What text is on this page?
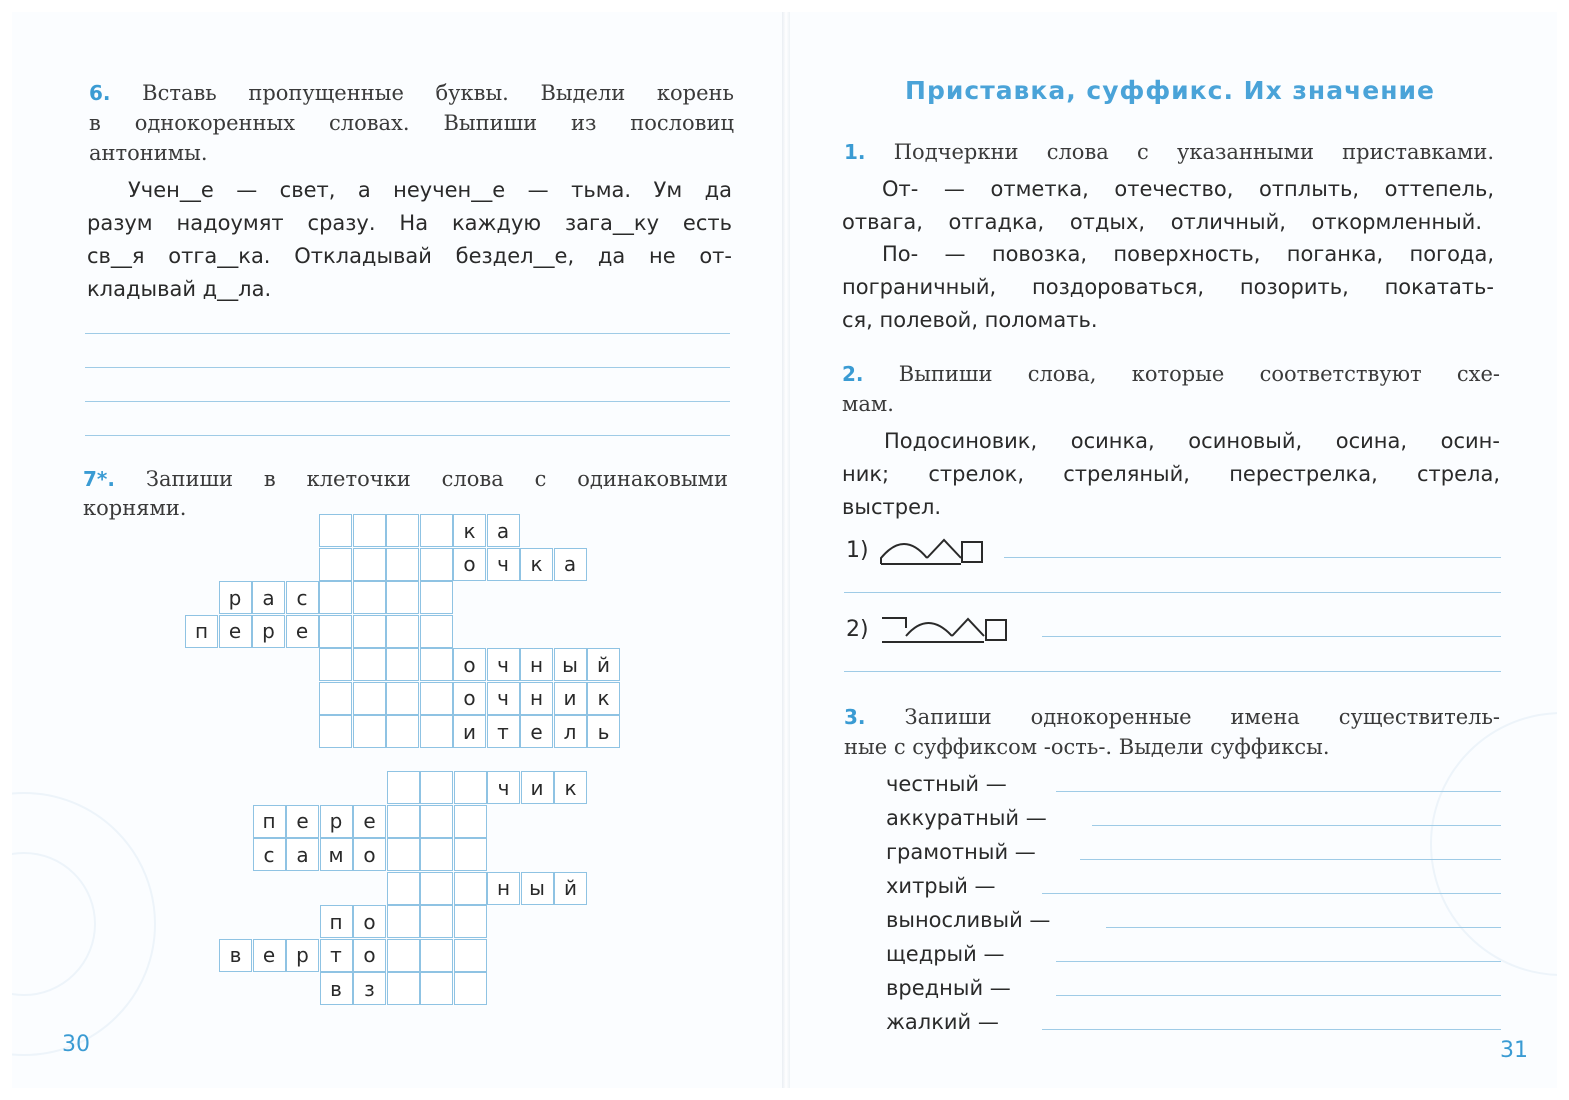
6. Вставь пропущенные буквы. Выдели корень

в однокоренных словах. Выпиши из пословиц

антонимы.

Учен__е — свет, а неучен__е — тьма. Ум да

разум надоумят сразу. На каждую зага__ку есть

св__я отга__ка. Откладывай бездел__е, да не от-

кладывай д__ла.

7*. Запиши в клеточки слова с одинаковыми

корнями.

к	а
о	ч	к	а
р	а	с
п	е	р	е
о	ч	н ы й
о	ч	н	и	к
и	т	е	л	ь
ч	и	к
п	е	р	е
с	а м о
н ы й
п	о
в	е	р	т	о
в	з
30
Приставка, суффикс. Их значение

1. Подчеркни слова с указанными приставками.

От- — отметка, отечество, отплыть, оттепель,

отвага, отгадка, отдых, отличный, откормленный.

По- — повозка, поверхность, поганка, погода,

пограничный, поздороваться, позорить, покатать-

ся, полевой, поломать.

2. Выпиши слова, которые соответствуют схе-

мам.

Подосиновик, осинка, осиновый, осина, осин-

ник; стрелок, стреляный, перестрелка, стрела,

выстрел.

1)
2)

3. Запиши однокоренные имена существитель-

ные с суффиксом -ость-. Выдели суффиксы.

честный —
аккуратный —
грамотный —
хитрый —
выносливый —
щедрый —
вредный —
жалкий —
31
